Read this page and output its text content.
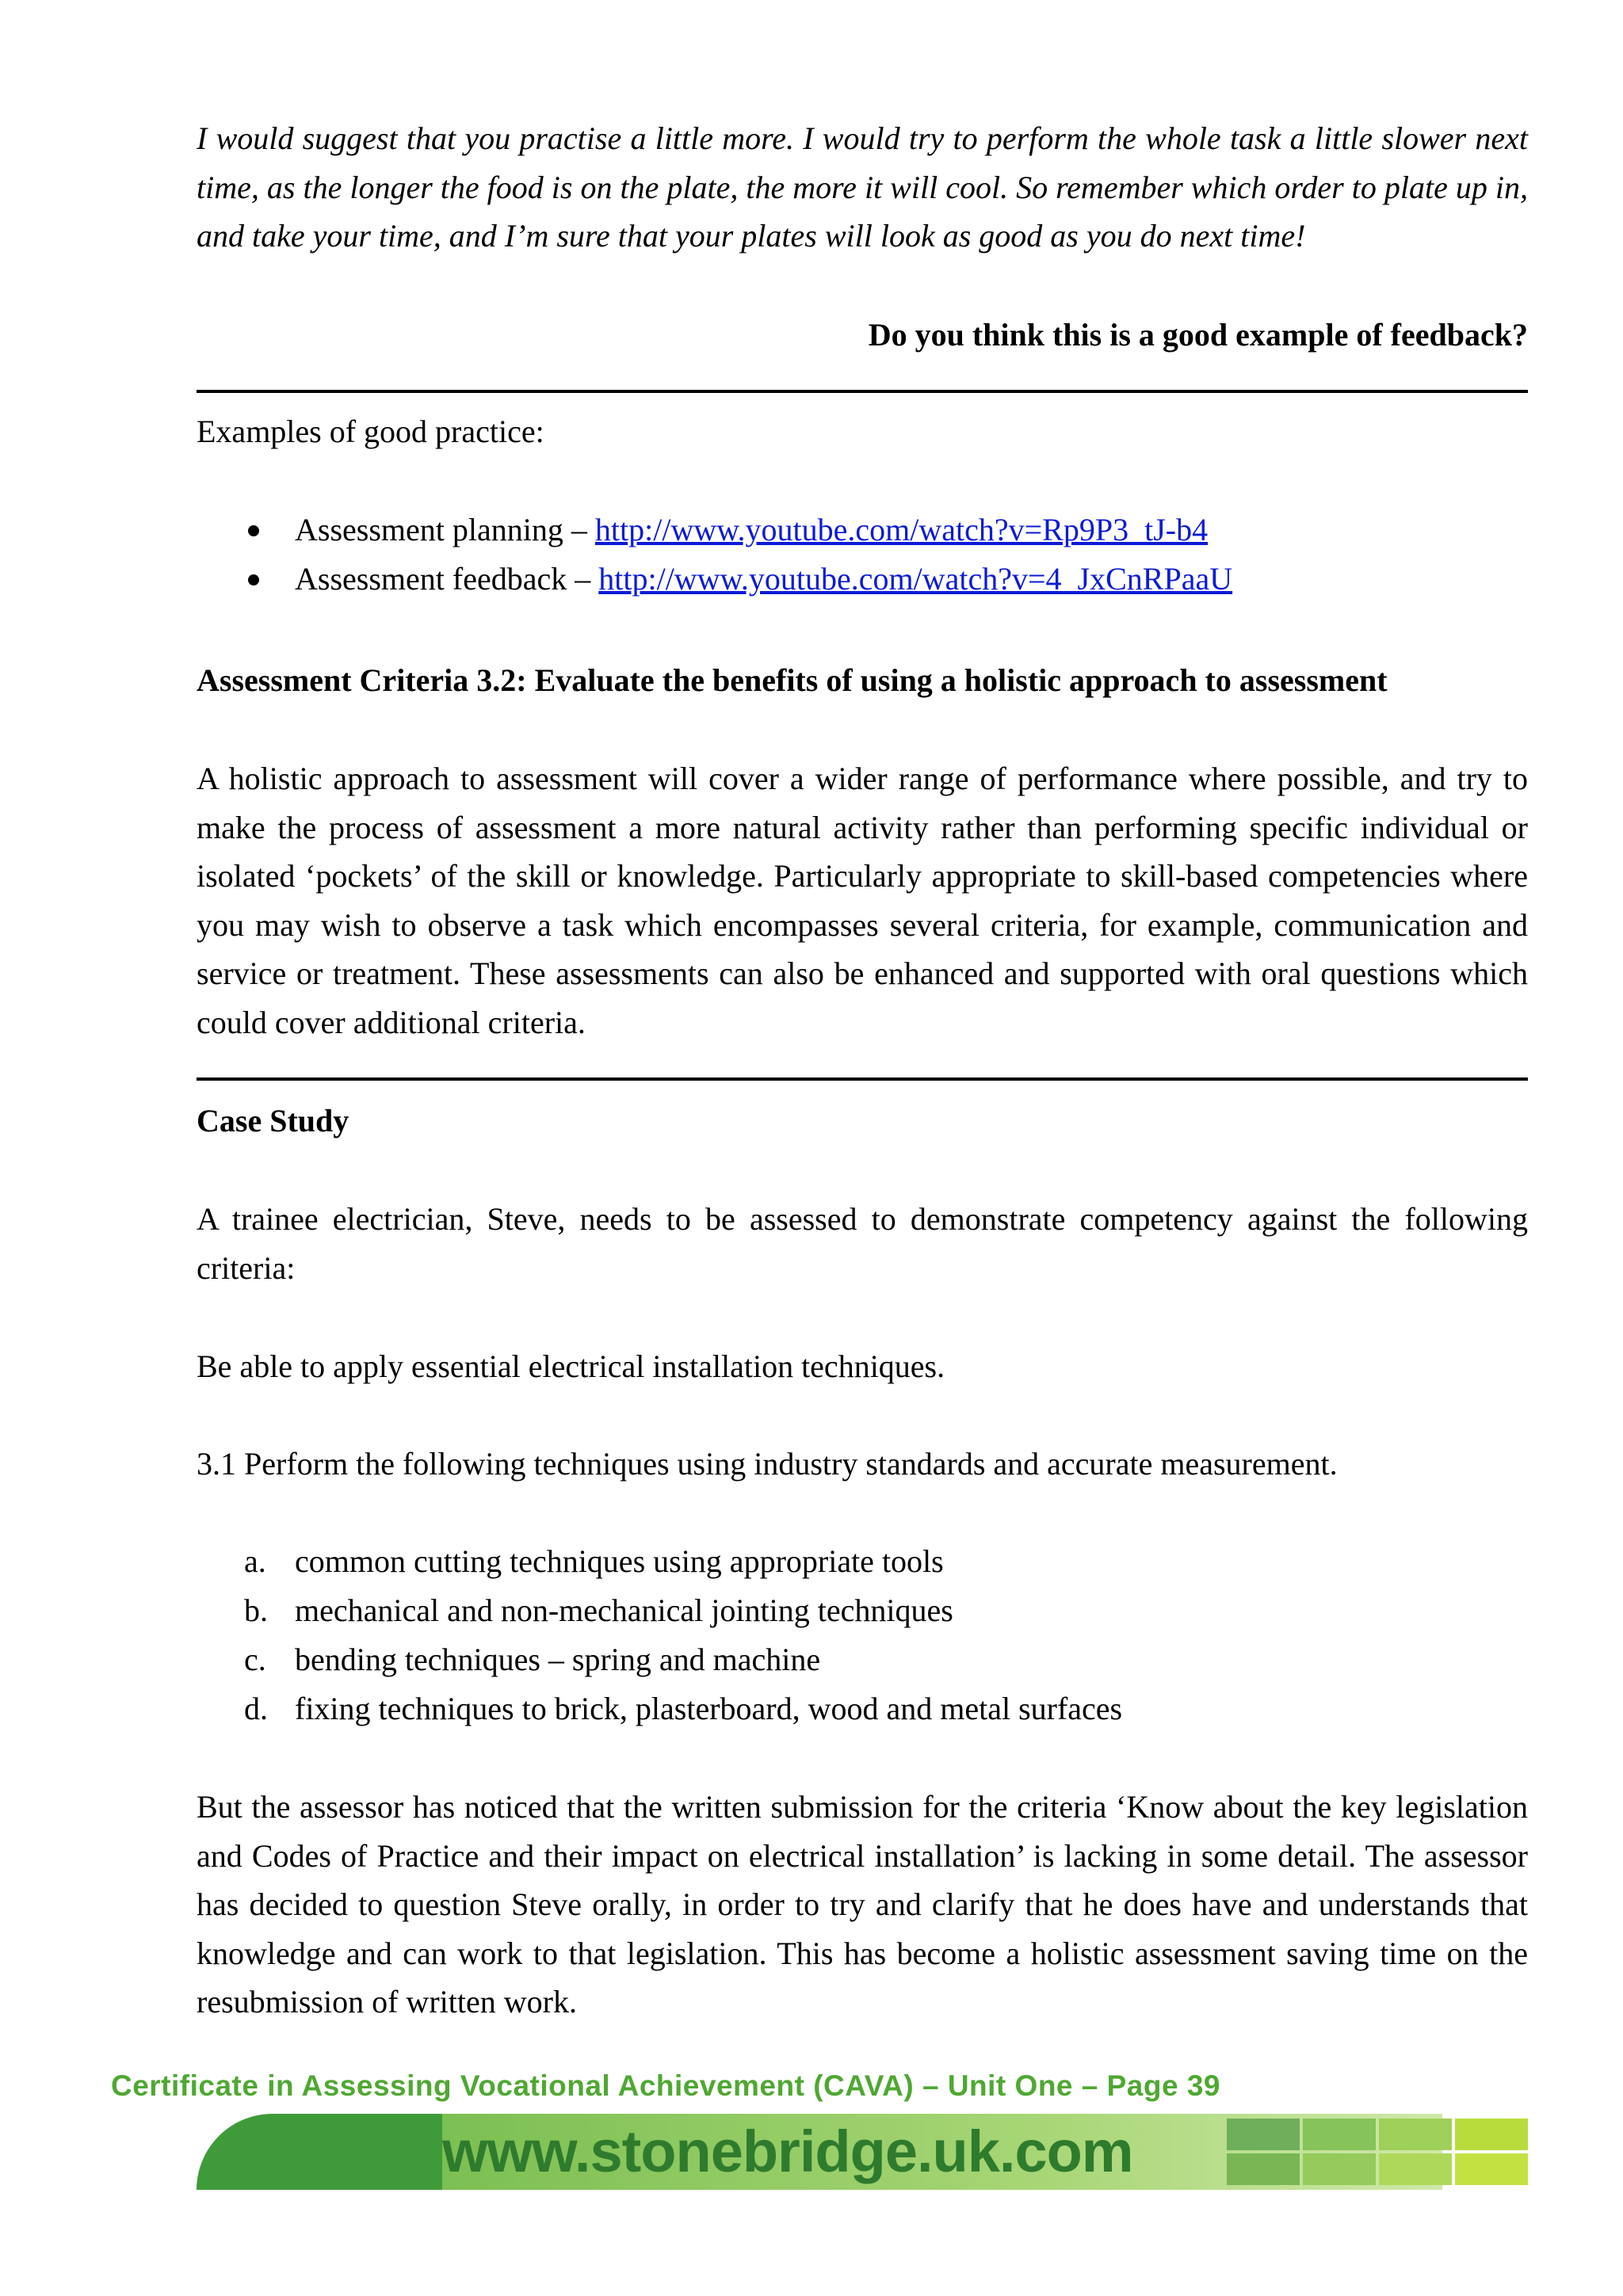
I would suggest that you practise a little more. I would try to perform the whole task a little slower next time, as the longer the food is on the plate, the more it will cool. So remember which order to plate up in, and take your time, and I’m sure that your plates will look as good as you do next time!

Do you think this is a good example of feedback?

Examples of good practice:

Assessment planning – http://www.youtube.com/watch?v=Rp9P3_tJ-b4
Assessment feedback – http://www.youtube.com/watch?v=4_JxCnRPaaU

Assessment Criteria 3.2: Evaluate the benefits of using a holistic approach to assessment

A holistic approach to assessment will cover a wider range of performance where possible, and try to make the process of assessment a more natural activity rather than performing specific individual or isolated ‘pockets’ of the skill or knowledge. Particularly appropriate to skill-based competencies where you may wish to observe a task which encompasses several criteria, for example, communication and service or treatment. These assessments can also be enhanced and supported with oral questions which could cover additional criteria.

Case Study

A trainee electrician, Steve, needs to be assessed to demonstrate competency against the following criteria:

Be able to apply essential electrical installation techniques.

3.1 Perform the following techniques using industry standards and accurate measurement.

a. common cutting techniques using appropriate tools
b. mechanical and non-mechanical jointing techniques
c. bending techniques – spring and machine
d. fixing techniques to brick, plasterboard, wood and metal surfaces

But the assessor has noticed that the written submission for the criteria ‘Know about the key legislation and Codes of Practice and their impact on electrical installation’ is lacking in some detail. The assessor has decided to question Steve orally, in order to try and clarify that he does have and understands that knowledge and can work to that legislation. This has become a holistic assessment saving time on the resubmission of written work.

Certificate in Assessing Vocational Achievement (CAVA) – Unit One – Page 39
www.stonebridge.uk.com
